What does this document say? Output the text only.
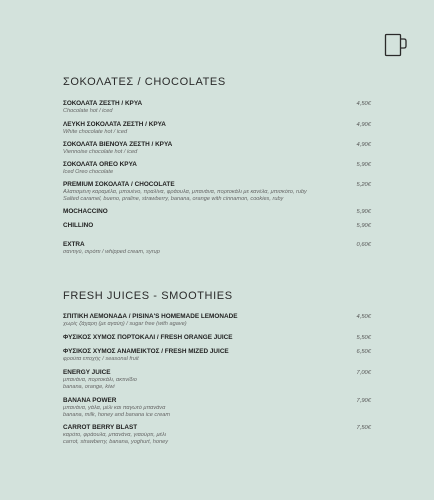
ΣΟΚΟΛΑΤΕΣ / CHOCOLATES
ΣΟΚΟΛΑΤΑ ΖΕΣΤΗ / ΚΡΥΑ
Chocolate hot / iced
4,50€
ΛΕΥΚΗ ΣΟΚΟΛΑΤΑ ΖΕΣΤΗ / ΚΡΥΑ
White chocolate hot / iced
4,90€
ΣΟΚΟΛΑΤΑ ΒΙΕΝΟΥΑ ΖΕΣΤΗ / ΚΡΥΑ
Viennoise chocolate hot / iced
4,90€
ΣΟΚΟΛΑΤΑ OREO ΚΡΥΑ
Iced Oreo chocolate
5,90€
PREMIUM ΣΟΚΟΛΑΤΑ / CHOCOLATE
Αλατισμένη καραμέλα, μπουένο, πραλίνα, φράουλα, μπανάνα, πορτοκάλι με κανέλα, μπισκότο, ruby
Salted caramel, bueno, praline, strawberry, banana, orange with cinnamon, cookies, ruby
5,20€
MOCHACCINO	5,90€
CHILLINO	5,90€
EXTRA
σαντιγύ, σιρόπι / whipped cream, syrup
0,60€
FRESH JUICES - SMOOTHIES
ΣΠΙΤΙΚΗ ΛΕΜΟΝΑΔΑ / PISINA'S HOMEMADE LEMONADE
χωρίς ζάχαρη (με αγαύη) / sugar free (with agave)
4,50€
ΦΥΣΙΚΟΣ ΧΥΜΟΣ ΠΟΡΤΟΚΑΛΙ / FRESH ORANGE JUICE	5,50€
ΦΥΣΙΚΟΣ ΧΥΜΟΣ ΑΝΑΜΕΙΚΤΟΣ / FRESH MIZED JUICE
φρούτα εποχής / seasonal fruit
6,50€
ENERGY JUICE
μπανάνα, πορτοκάλι, ακτινίδιο
banana, orange, kiwi
7,00€
BANANA POWER
μπανάνα, γάλα, μέλι και παγωτό μπανάνα
banana, milk, honey and banana ice cream
7,90€
CARROT BERRY BLAST
καρότο, φράουλα, μπανάνα, γιαούρτι, μέλι
carrot, strawberry, banana, yoghurt, honey
7,50€
